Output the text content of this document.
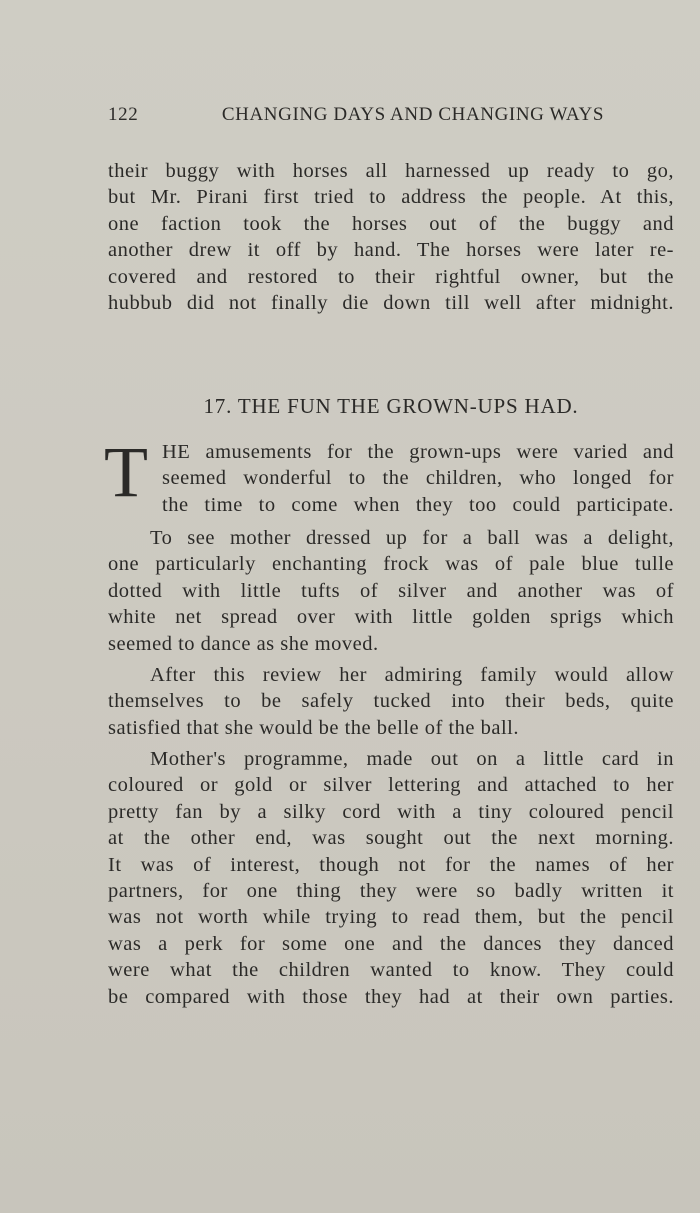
122	CHANGING DAYS AND CHANGING WAYS
their buggy with horses all harnessed up ready to go,
but Mr. Pirani first tried to address the people. At this,
one faction took the horses out of the buggy and
another drew it off by hand. The horses were later re-
covered and restored to their rightful owner, but the
hubbub did not finally die down till well after midnight.
17. THE FUN THE GROWN-UPS HAD.
T HE amusements for the grown-ups were varied and
seemed wonderful to the children, who longed for
the time to come when they too could participate.
To see mother dressed up for a ball was a delight,
one particularly enchanting frock was of pale blue tulle
dotted with little tufts of silver and another was of
white net spread over with little golden sprigs which
seemed to dance as she moved.
After this review her admiring family would allow
themselves to be safely tucked into their beds, quite
satisfied that she would be the belle of the ball.
Mother's programme, made out on a little card in
coloured or gold or silver lettering and attached to her
pretty fan by a silky cord with a tiny coloured pencil
at the other end, was sought out the next morning.
It was of interest, though not for the names of her
partners, for one thing they were so badly written it
was not worth while trying to read them, but the pencil
was a perk for some one and the dances they danced
were what the children wanted to know. They could
be compared with those they had at their own parties.
